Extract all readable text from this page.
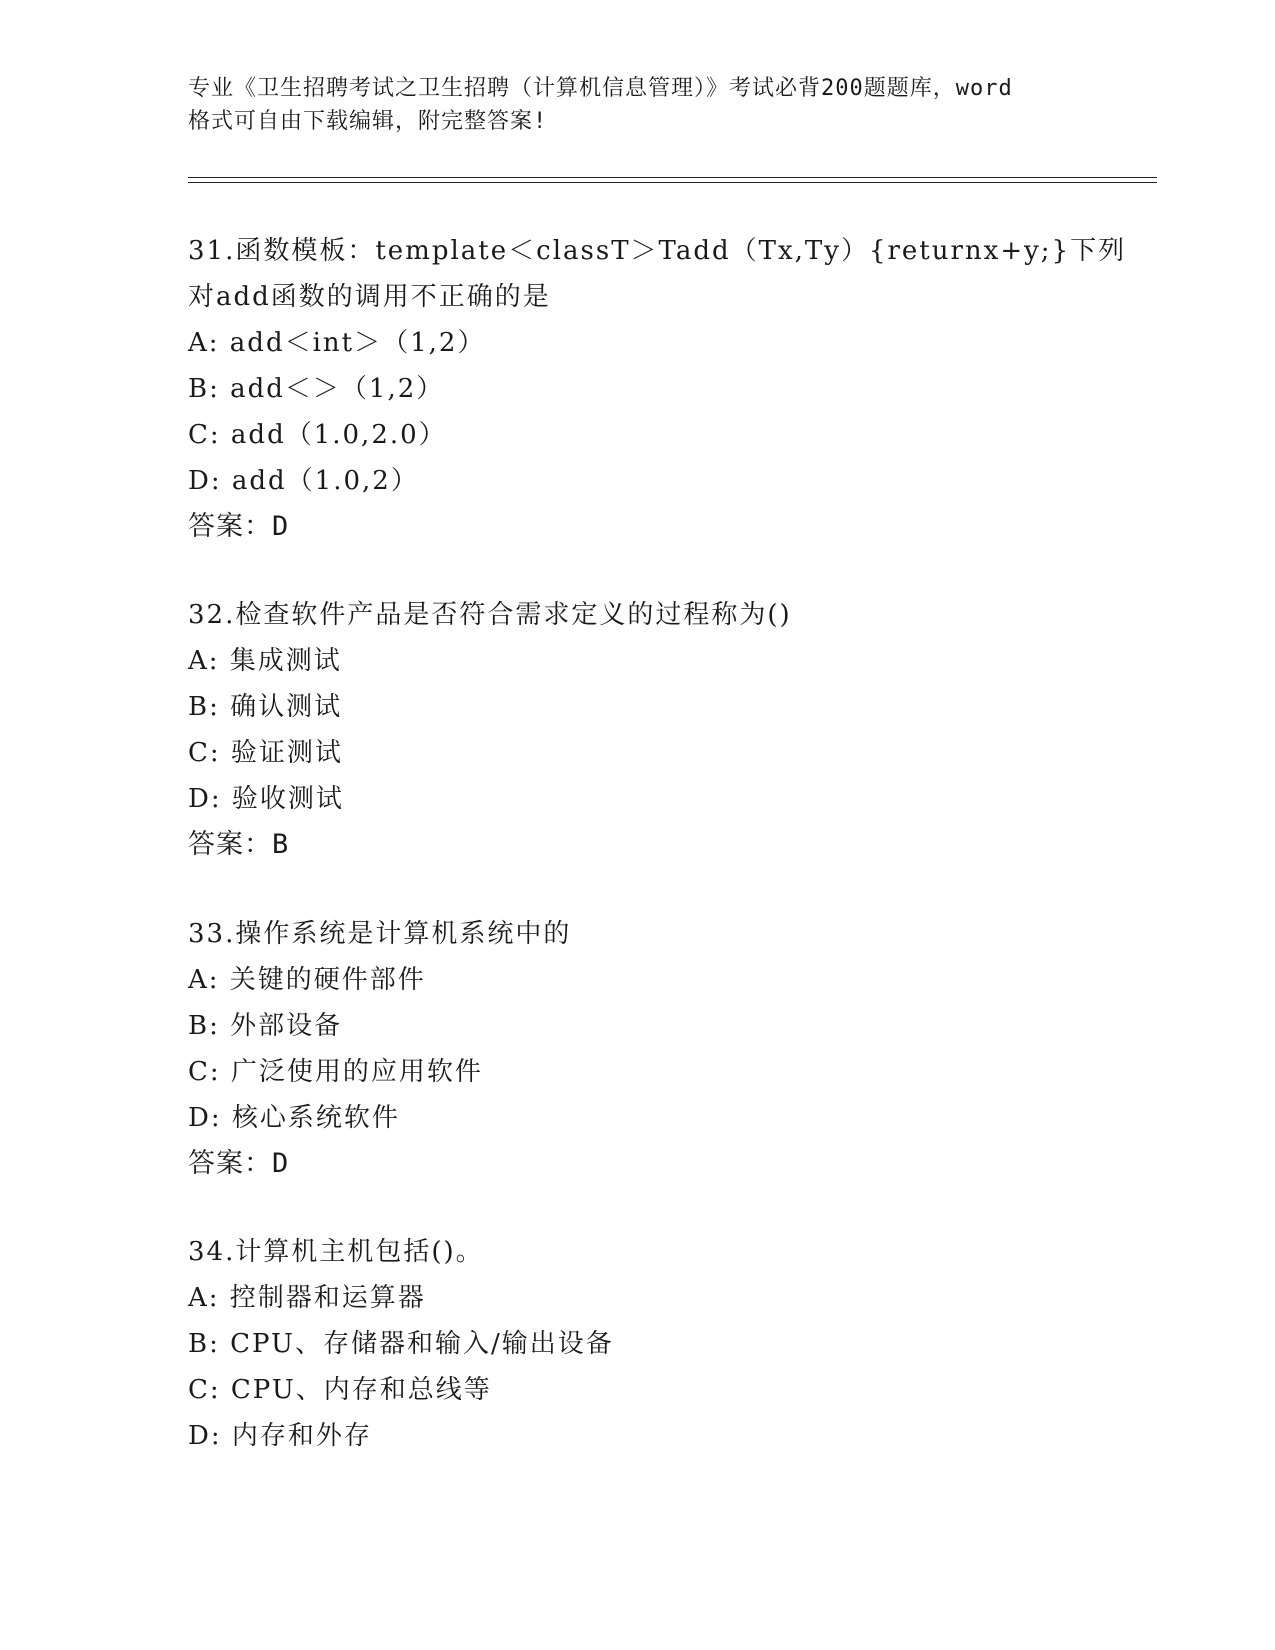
专业《卫生招聘考试之卫生招聘（计算机信息管理）》考试必背200题题库，word
格式可自由下载编辑，附完整答案!
31.函数模板：template＜classT＞Tadd（Tx,Ty）{returnx+y;}下列
对add函数的调用不正确的是
A: add＜int＞（1,2）
B: add＜＞（1,2）
C: add（1.0,2.0）
D: add（1.0,2）
答案：D
32.检查软件产品是否符合需求定义的过程称为()
A: 集成测试
B: 确认测试
C: 验证测试
D: 验收测试
答案：B
33.操作系统是计算机系统中的
A: 关键的硬件部件
B: 外部设备
C: 广泛使用的应用软件
D: 核心系统软件
答案：D
34.计算机主机包括()。
A: 控制器和运算器
B: CPU、存储器和输入/输出设备
C: CPU、内存和总线等
D: 内存和外存
